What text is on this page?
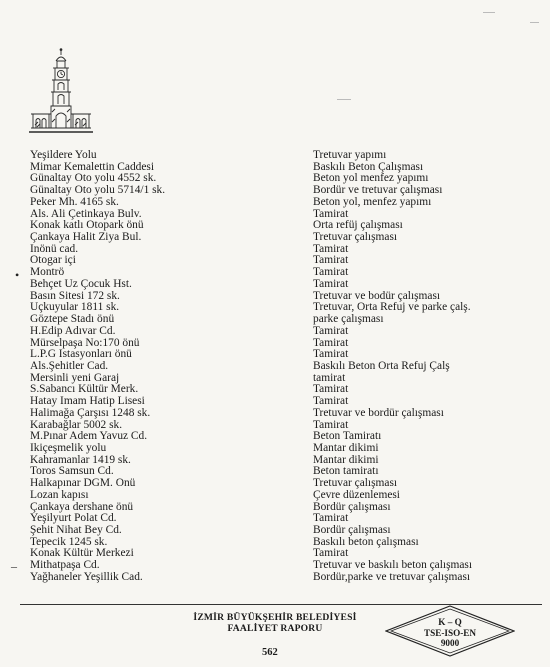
Yeşildere Yolu	Tretuvar yapımı
Mimar Kemalettin Caddesi	Baskılı Beton Çalışması
Günaltay Oto yolu 4552 sk.	Beton yol menfez yapımı
Günaltay Oto yolu 5714/1 sk.	Bordür ve tretuvar çalışması
Peker Mh. 4165 sk.	Beton yol, menfez yapımı
Als. Ali Çetinkaya Bulv.	Tamirat
Konak katlı Otopark önü	Orta refüj çalışması
Çankaya Halit Ziya Bul.	Tretuvar çalışması
İnönü cad.	Tamirat
Otogar içi	Tamirat
Montrö	Tamirat
Behçet Uz Çocuk Hst.	Tamirat
Basın Sitesi 172 sk.	Tretuvar ve bodür çalışması
Üçkuyular 1811 sk.	Tretuvar, Orta Refuj ve parke çalş.
Göztepe Stadı önü	parke çalışması
H.Edip Adıvar Cd.	Tamirat
Mürselpaşa No:170 önü	Tamirat
L.P.G İstasyonları önü	Tamirat
Als.Şehitler Cad.	Baskılı Beton Orta Refuj Çalş
Mersinli yeni Garaj	tamirat
S.Sabancı Kültür Merk.	Tamirat
Hatay İmam Hatip Lisesi	Tamirat
Halimağa Çarşısı 1248 sk.	Tretuvar ve bordür çalışması
Karabağlar 5002 sk.	Tamirat
M.Pınar Adem Yavuz Cd.	Beton Tamiratı
İkiçeşmelik yolu	Mantar dikimi
Kahramanlar 1419 sk.	Mantar dikimi
Toros Samsun Cd.	Beton tamiratı
Halkapınar DGM. Önü	Tretuvar çalışması
Lozan kapısı	Çevre düzenlemesi
Çankaya dershane önü	Bordür çalışması
Yeşilyurt Polat Cd.	Tamirat
Şehit Nihat Bey Cd.	Bordür çalışması
Tepecik 1245 sk.	Baskılı beton çalışması
Konak Kültür Merkezi	Tamirat
Mithatpaşa Cd.	Tretuvar ve baskılı beton çalışması
Yağhaneler Yeşillik Cad.	Bordür,parke ve tretuvar çalışması
•
–
İZMİR BÜYÜKŞEHİR BELEDİYESİ
FAALİYET RAPORU
562
K – Q
TSE-ISO-EN
9000
